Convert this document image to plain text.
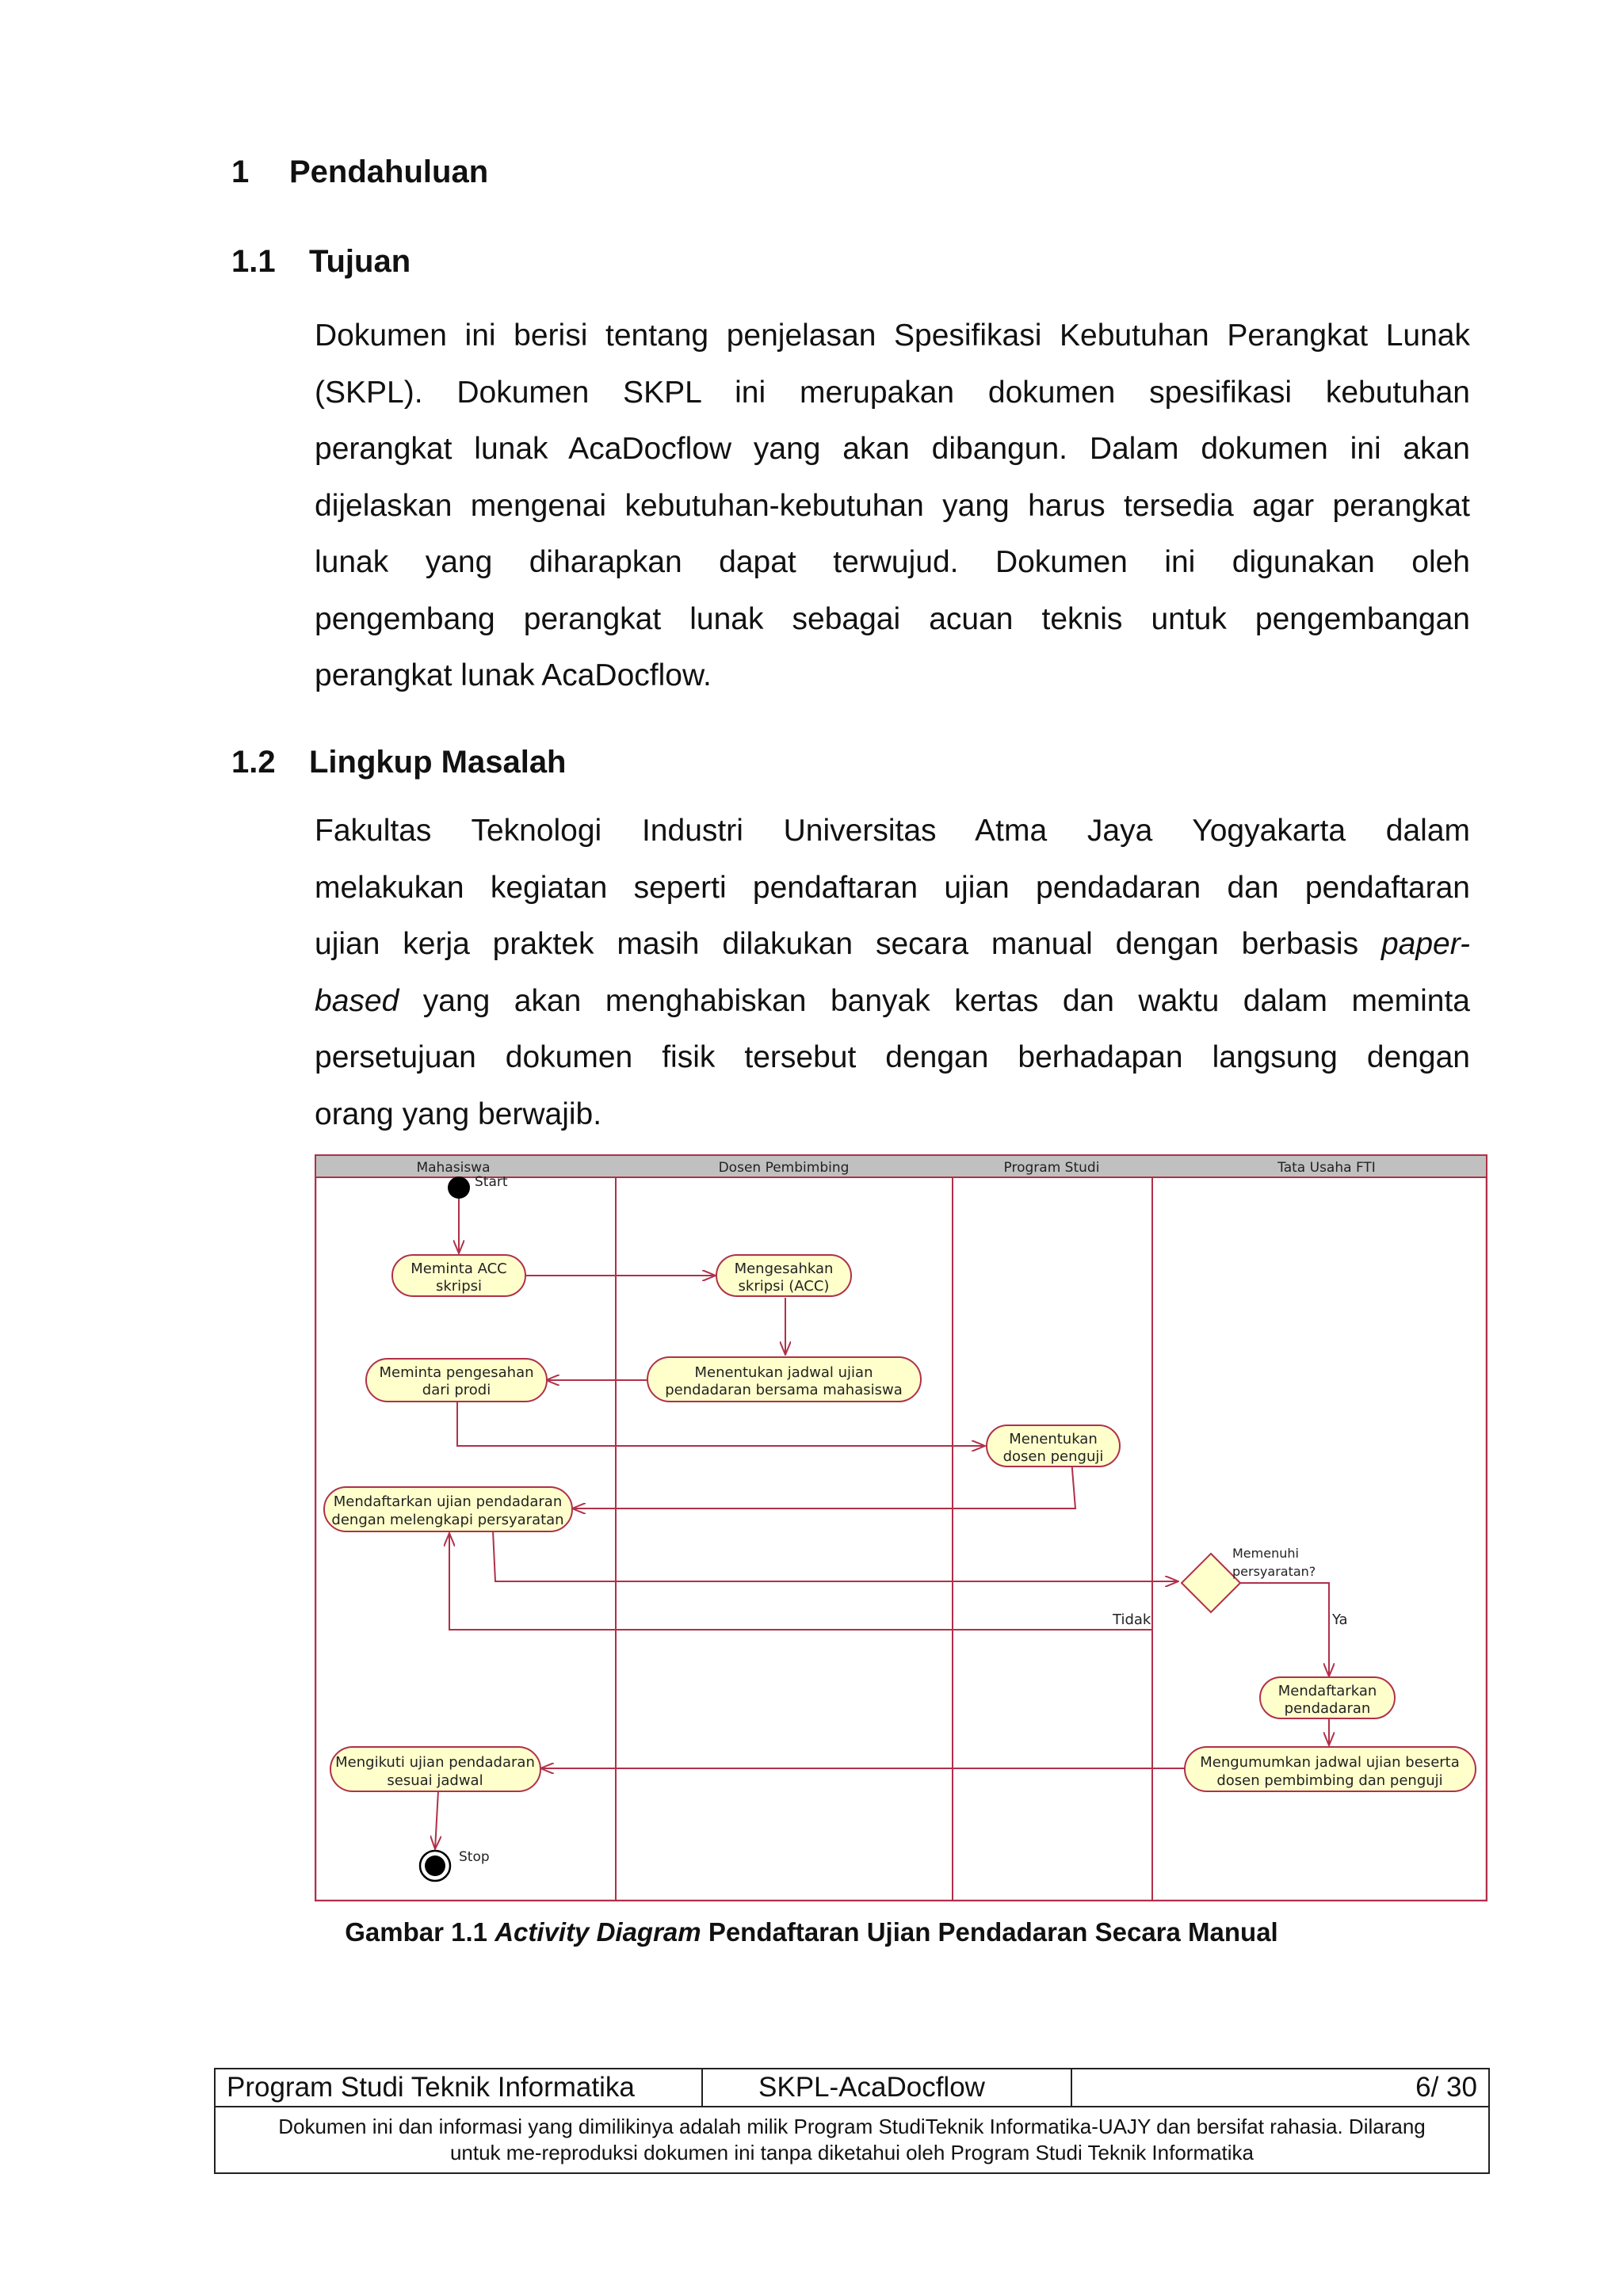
1 Pendahuluan
1.1 Tujuan
Dokumen ini berisi tentang penjelasan Spesifikasi Kebutuhan Perangkat Lunak
(SKPL). Dokumen SKPL ini merupakan dokumen spesifikasi kebutuhan
perangkat lunak AcaDocflow yang akan dibangun. Dalam dokumen ini akan
dijelaskan mengenai kebutuhan-kebutuhan yang harus tersedia agar perangkat
lunak yang diharapkan dapat terwujud. Dokumen ini digunakan oleh
pengembang perangkat lunak sebagai acuan teknis untuk pengembangan
perangkat lunak AcaDocflow.
1.2 Lingkup Masalah
Fakultas Teknologi Industri Universitas Atma Jaya Yogyakarta dalam
melakukan kegiatan seperti pendaftaran ujian pendadaran dan pendaftaran
ujian kerja praktek masih dilakukan secara manual dengan berbasis paper-
based yang akan menghabiskan banyak kertas dan waktu dalam meminta
persetujuan dokumen fisik tersebut dengan berhadapan langsung dengan
orang yang berwajib.
Mahasiswa	Dosen Pembimbing	Program Studi	Tata Usaha FTI
Start
Meminta ACC
skripsi
Mengesahkan
skripsi (ACC)
Menentukan jadwal ujian
pendadaran bersama mahasiswa
Meminta pengesahan
dari prodi
Menentukan
dosen penguji
Mendaftarkan ujian pendadaran
dengan melengkapi persyaratan
Mendaftarkan
pendadaran
Mengumumkan jadwal ujian beserta
dosen pembimbing dan penguji
Mengikuti ujian pendadaran
sesuai jadwal
Memenuhi
persyaratan?
Tidak	Ya
Stop
Gambar 1.1 Activity Diagram Pendaftaran Ujian Pendadaran Secara Manual
Program Studi Teknik Informatika	SKPL-AcaDocflow	6/ 30
Dokumen ini dan informasi yang dimilikinya adalah milik Program StudiTeknik Informatika-UAJY dan bersifat rahasia. Dilarang
untuk me-reproduksi dokumen ini tanpa diketahui oleh Program Studi Teknik Informatika
